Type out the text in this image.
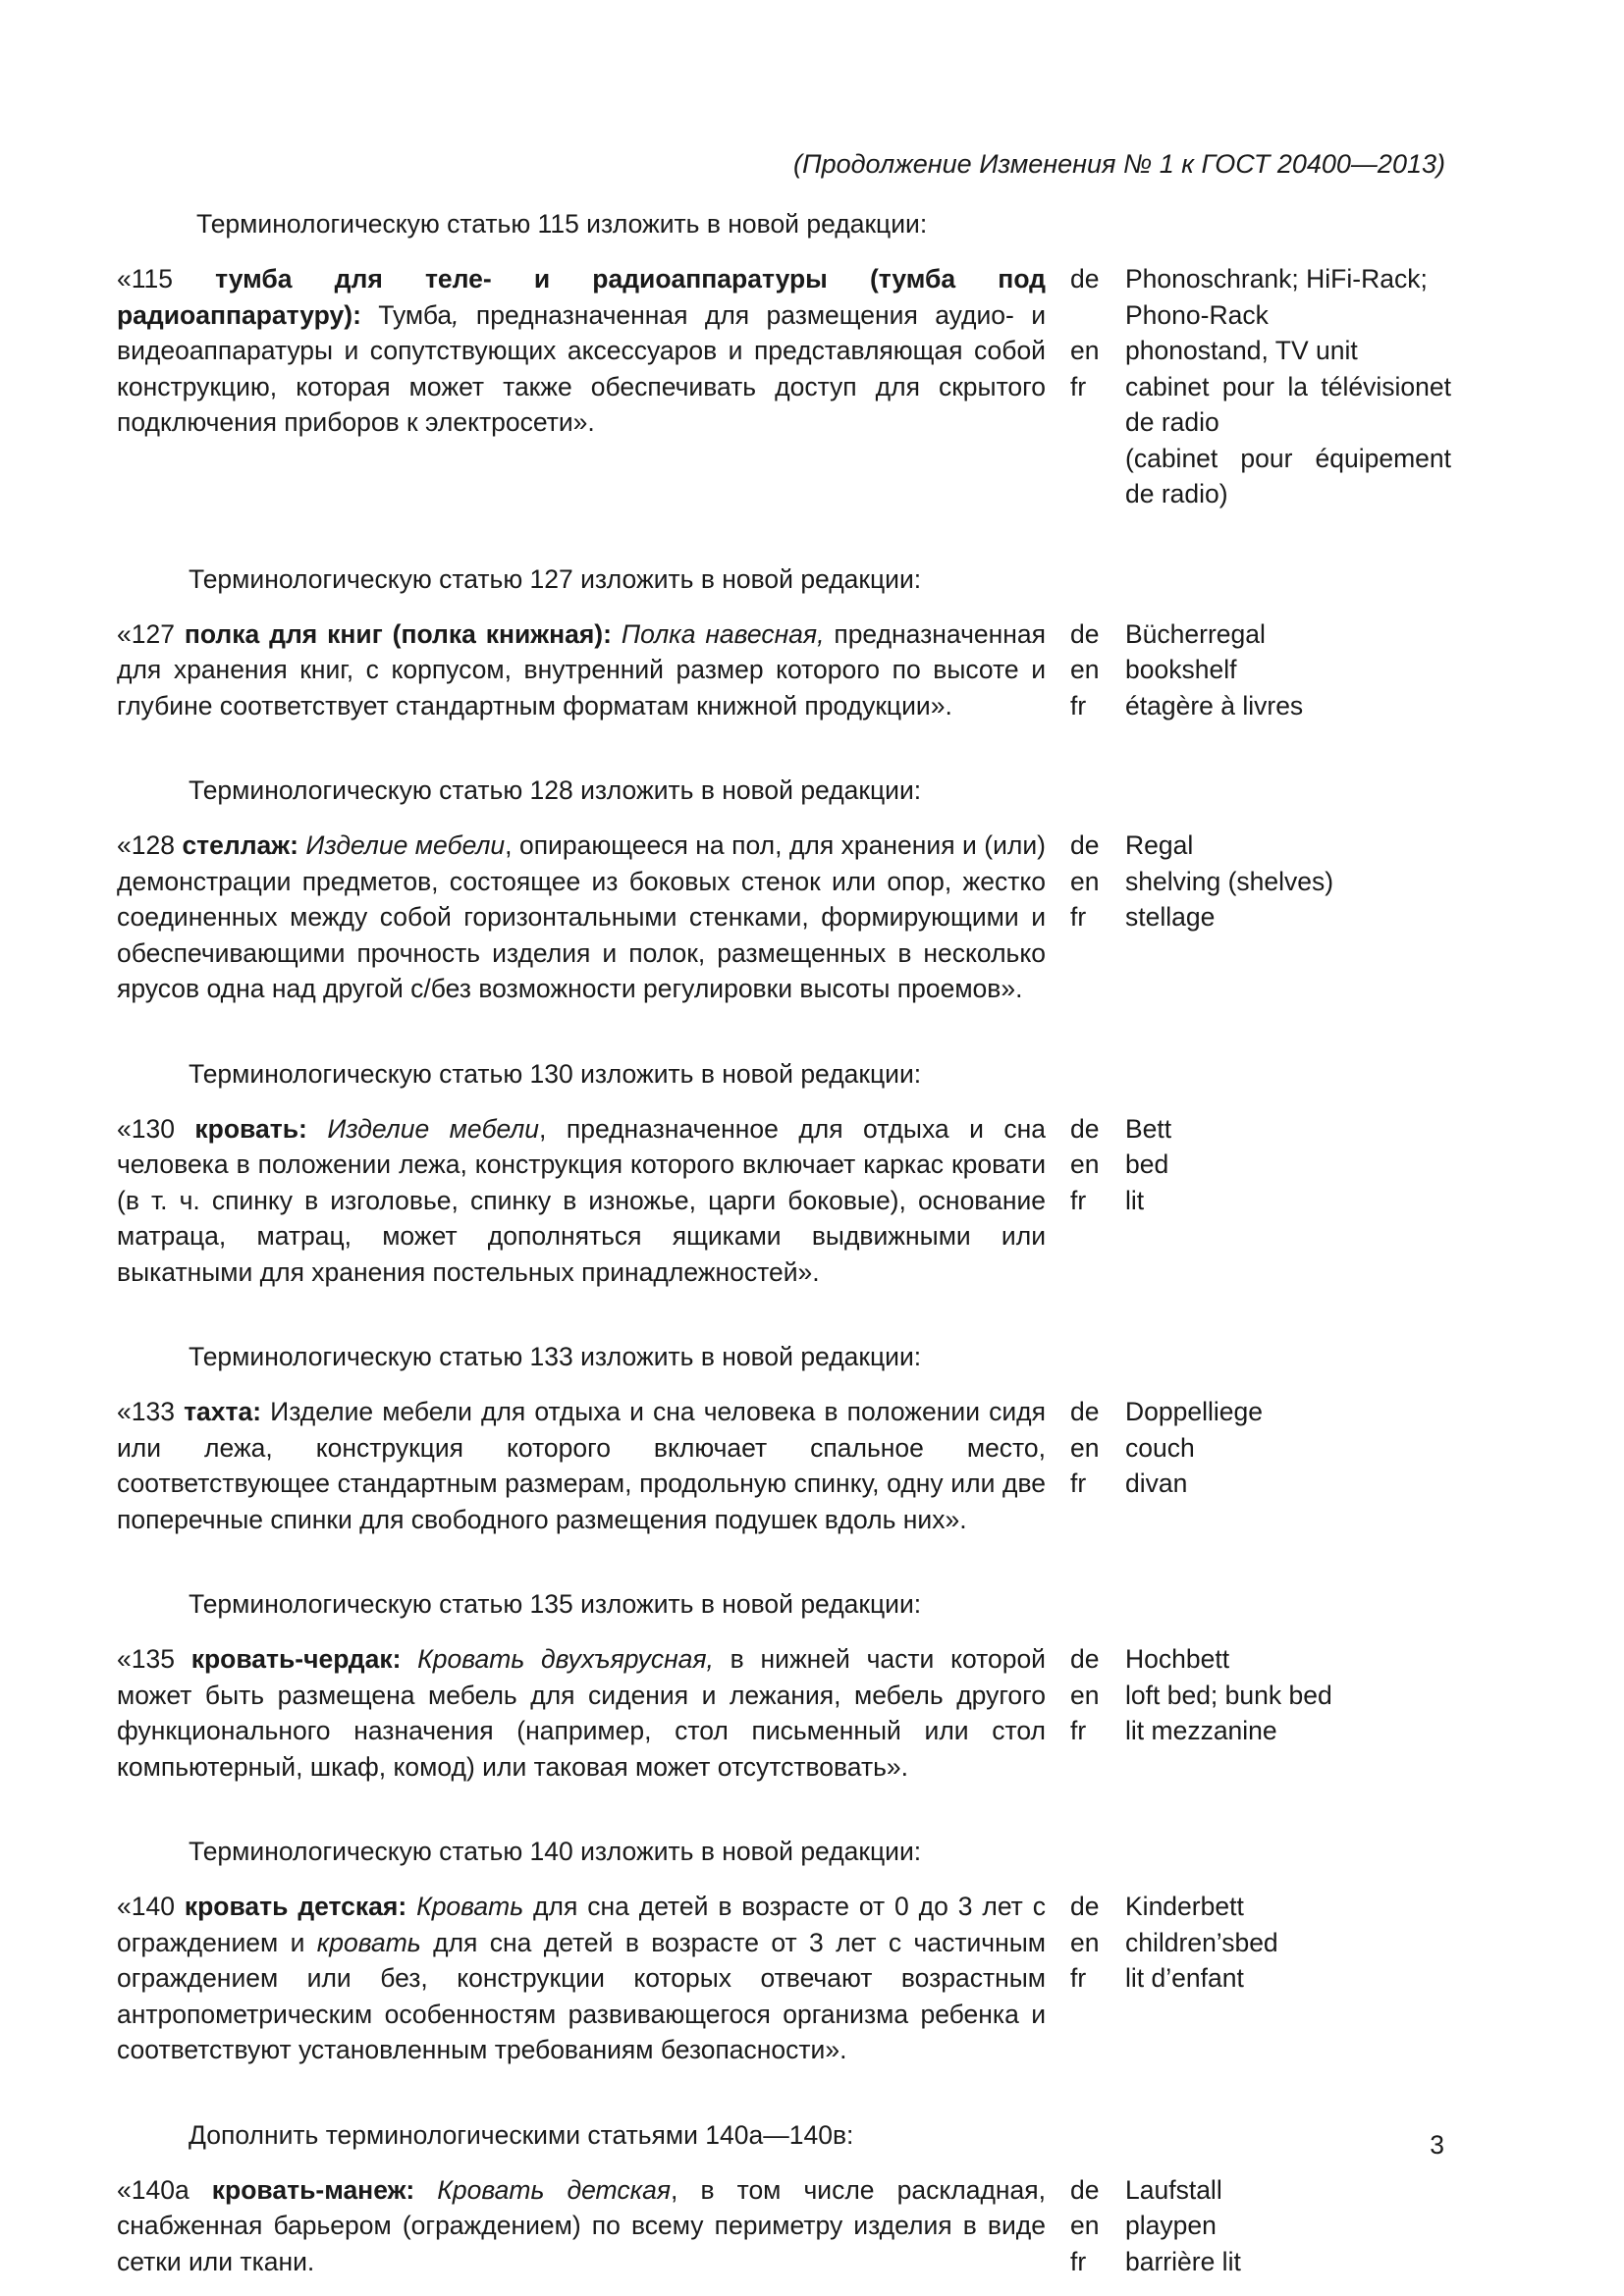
(Продолжение Изменения № 1 к ГОСТ 20400—2013)

Терминологическую статью 115 изложить в новой редакции:

«115 тумба для теле- и радиоаппаратуры (тумба под радиоаппаратуру): Тумба, предназначенная для размещения аудио- и видеоаппаратуры и сопутствующих аксессуаров и представляющая собой конструкцию, которая может также обеспечивать доступ для скрытого подключения приборов к электросети».

de	Phonoschrank; HiFi-Rack;
Phono-Rack
en	phonostand, TV unit
fr	cabinet pour la télévisionet de radio
(cabinet pour équipement de radio)

Терминологическую статью 127 изложить в новой редакции:

«127 полка для книг (полка книжная): Полка навесная, предназначенная для хранения книг, с корпусом, внутренний размер которого по высоте и глубине соответствует стандартным форматам книжной продукции».

de	Bücherregal
en	bookshelf
fr	étagère à livres

Терминологическую статью 128 изложить в новой редакции:

«128 стеллаж: Изделие мебели, опирающееся на пол, для хранения и (или) демонстрации предметов, состоящее из боковых стенок или опор, жестко соединенных между собой горизонтальными стенками, формирующими и обеспечивающими прочность изделия и полок, размещенных в несколько ярусов одна над другой с/без возможности регулировки высоты проемов».

de	Regal
en	shelving (shelves)
fr	stellage

Терминологическую статью 130 изложить в новой редакции:

«130 кровать: Изделие мебели, предназначенное для отдыха и сна человека в положении лежа, конструкция которого включает каркас кровати (в т. ч. спинку в изголовье, спинку в изножье, царги боковые), основание матраца, матрац, может дополняться ящиками выдвижными или выкатными для хранения постельных принадлежностей».

de	Bett
en	bed
fr	lit

Терминологическую статью 133 изложить в новой редакции:

«133 тахта: Изделие мебели для отдыха и сна человека в положении сидя или лежа, конструкция которого включает спальное место, соответствующее стандартным размерам, продольную спинку, одну или две поперечные спинки для свободного размещения подушек вдоль них».

de	Doppelliege
en	couch
fr	divan

Терминологическую статью 135 изложить в новой редакции:

«135 кровать-чердак: Кровать двухъярусная, в нижней части которой может быть размещена мебель для сидения и лежания, мебель другого функционального назначения (например, стол письменный или стол компьютерный, шкаф, комод) или таковая может отсутствовать».

de	Hochbett
en	loft bed; bunk bed
fr	lit mezzanine

Терминологическую статью 140 изложить в новой редакции:

«140 кровать детская: Кровать для сна детей в возрасте от 0 до 3 лет с ограждением и кровать для сна детей в возрасте от 3 лет с частичным ограждением или без, конструкции которых отвечают возрастным антропометрическим особенностям развивающегося организма ребенка и соответствуют установленным требованиям безопасности».

de	Kinderbett
en	children’sbed
fr	lit d’enfant

Дополнить терминологическими статьями 140а—140в:

«140а кровать-манеж: Кровать детская, в том числе раскладная, снабженная барьером (ограждением) по всему периметру изделия в виде сетки или ткани.

de	Laufstall
en	playpen
fr	barrière lit
3
